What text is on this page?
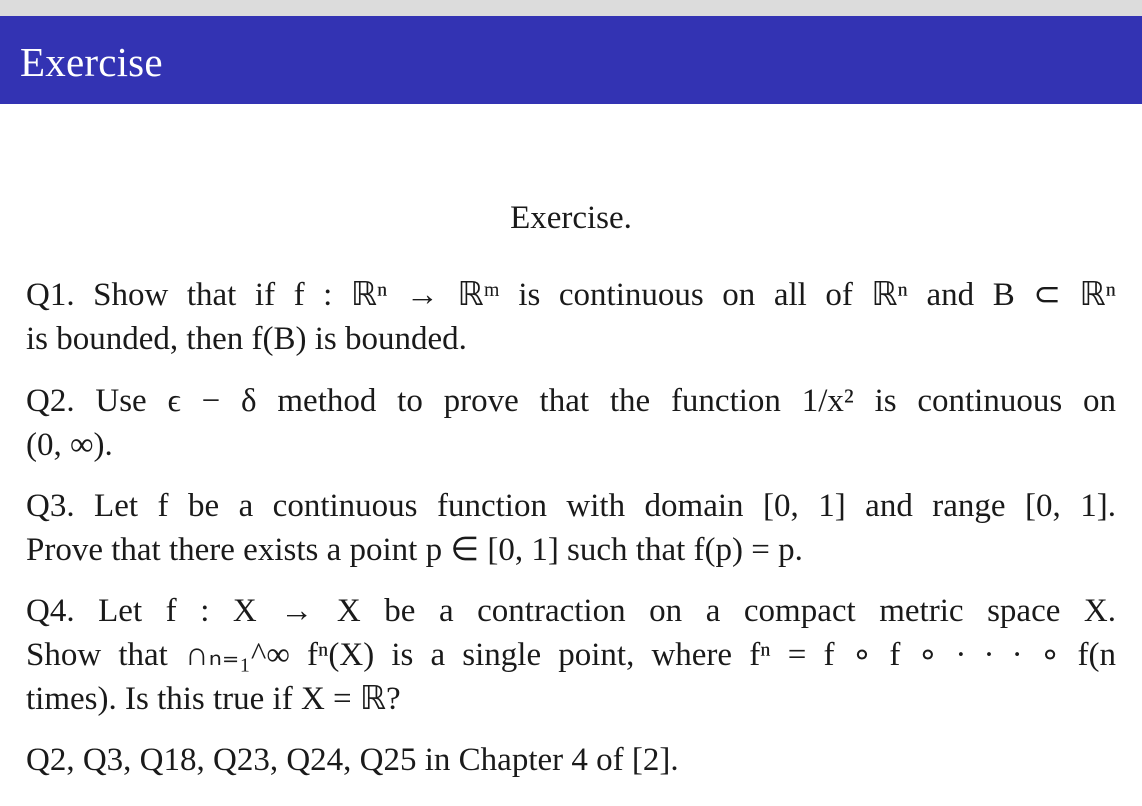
Exercise
Exercise.
Q1. Show that if f : ℝⁿ → ℝᵐ is continuous on all of ℝⁿ and B ⊂ ℝⁿ
is bounded, then f(B) is bounded.
Q2. Use ϵ − δ method to prove that the function 1/x² is continuous on
(0, ∞).
Q3. Let f be a continuous function with domain [0, 1] and range [0, 1].
Prove that there exists a point p ∈ [0, 1] such that f(p) = p.
Q4. Let f : X → X be a contraction on a compact metric space X.
Show that ∩ₙ₌₁^∞ fⁿ(X) is a single point, where fⁿ = f ∘ f ∘ · · · ∘ f(n
times). Is this true if X = ℝ?
Q2, Q3, Q18, Q23, Q24, Q25 in Chapter 4 of [2].
